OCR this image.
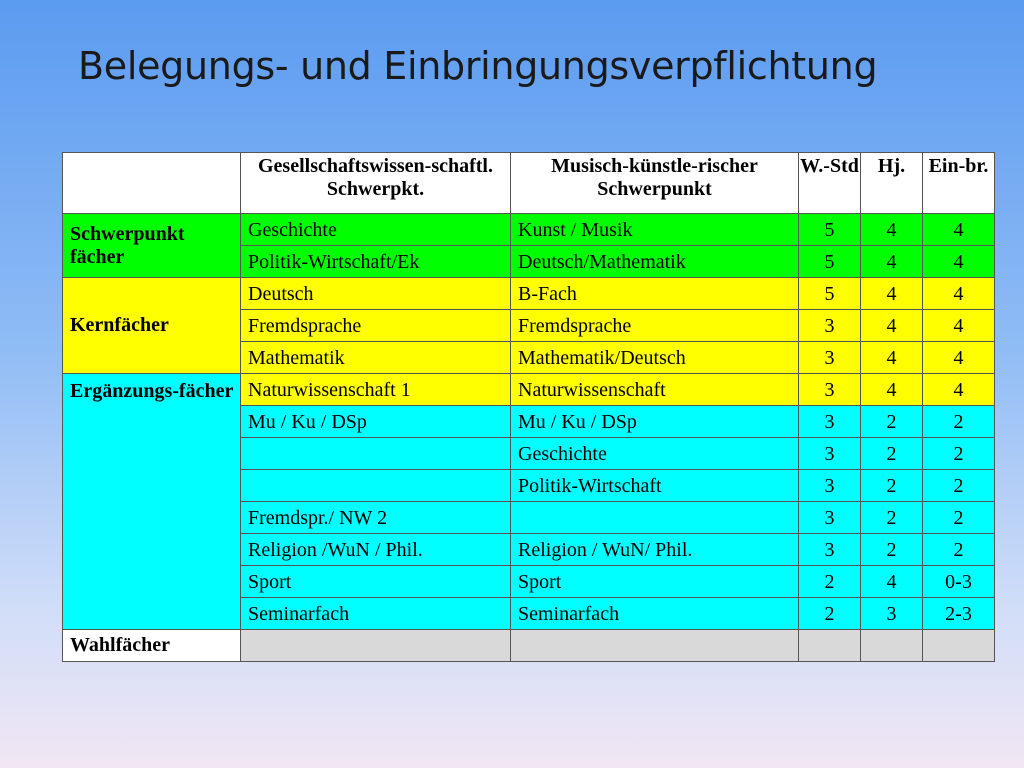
Belegungs- und Einbringungsverpflichtung
	Gesellschaftswissen-schaftl. Schwerpkt.	Musisch-künstle-rischer Schwerpunkt	W.-Std	Hj.	Ein-br.
Schwerpunkt fächer	Geschichte	Kunst / Musik	5	4	4
	Politik-Wirtschaft/Ek	Deutsch/Mathematik	5	4	4
Kernfächer	Deutsch	B-Fach	5	4	4
	Fremdsprache	Fremdsprache	3	4	4
	Mathematik	Mathematik/Deutsch	3	4	4
Ergänzungs-fächer	Naturwissenschaft 1	Naturwissenschaft	3	4	4
	Mu / Ku / DSp	Mu / Ku / DSp	3	2	2
		Geschichte	3	2	2
		Politik-Wirtschaft	3	2	2
	Fremdspr./ NW 2		3	2	2
	Religion /WuN / Phil.	Religion / WuN/ Phil.	3	2	2
	Sport	Sport	2	4	0-3
	Seminarfach	Seminarfach	2	3	2-3
Wahlfächer					
